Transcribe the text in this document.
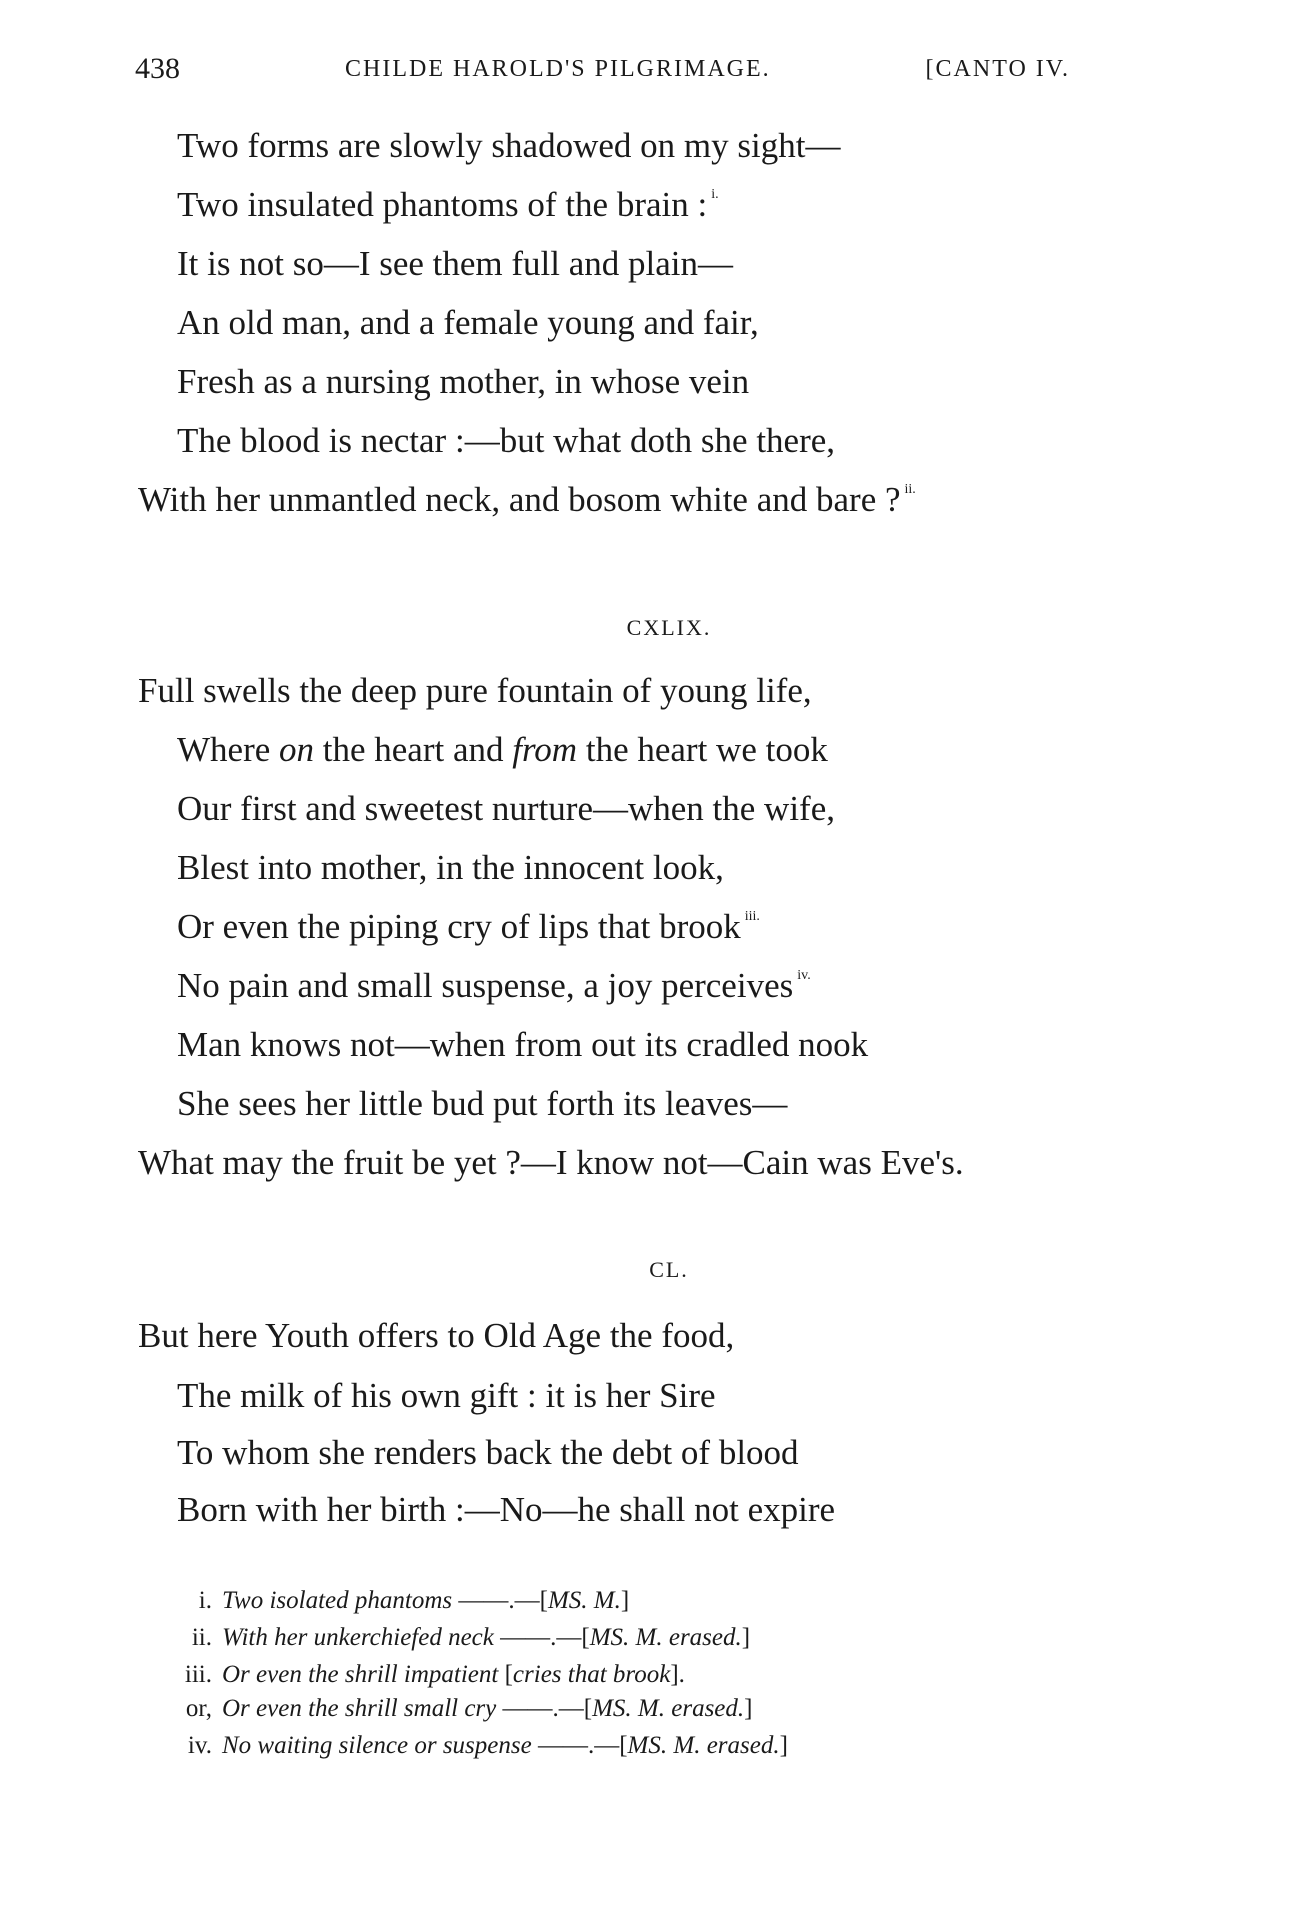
438	CHILDE HAROLD'S PILGRIMAGE.	[CANTO IV.
Two forms are slowly shadowed on my sight—
Two insulated phantoms of the brain : $^{i.}$
It is not so—I see them full and plain—
An old man, and a female young and fair,
Fresh as a nursing mother, in whose vein
The blood is nectar :—but what doth she there,
With her unmantled neck, and bosom white and bare ? $^{ii.}$
CXLIX.
Full swells the deep pure fountain of young life,
Where on the heart and from the heart we took
Our first and sweetest nurture—when the wife,
Blest into mother, in the innocent look,
Or even the piping cry of lips that brook $^{iii.}$
No pain and small suspense, a joy perceives $^{iv.}$
Man knows not—when from out its cradled nook
She sees her little bud put forth its leaves—
What may the fruit be yet ?—I know not—Cain was Eve's.
CL.
But here Youth offers to Old Age the food,
The milk of his own gift : it is her Sire
To whom she renders back the debt of blood
Born with her birth :—No—he shall not expire
i. Two isolated phantoms ——.—[MS. M.]
ii. With her unkerchiefed neck ——.—[MS. M. erased.]
iii. Or even the shrill impatient [cries that brook].
or, Or even the shrill small cry ——.—[MS. M. erased.]
iv. No waiting silence or suspense ——.—[MS. M. erased.]
